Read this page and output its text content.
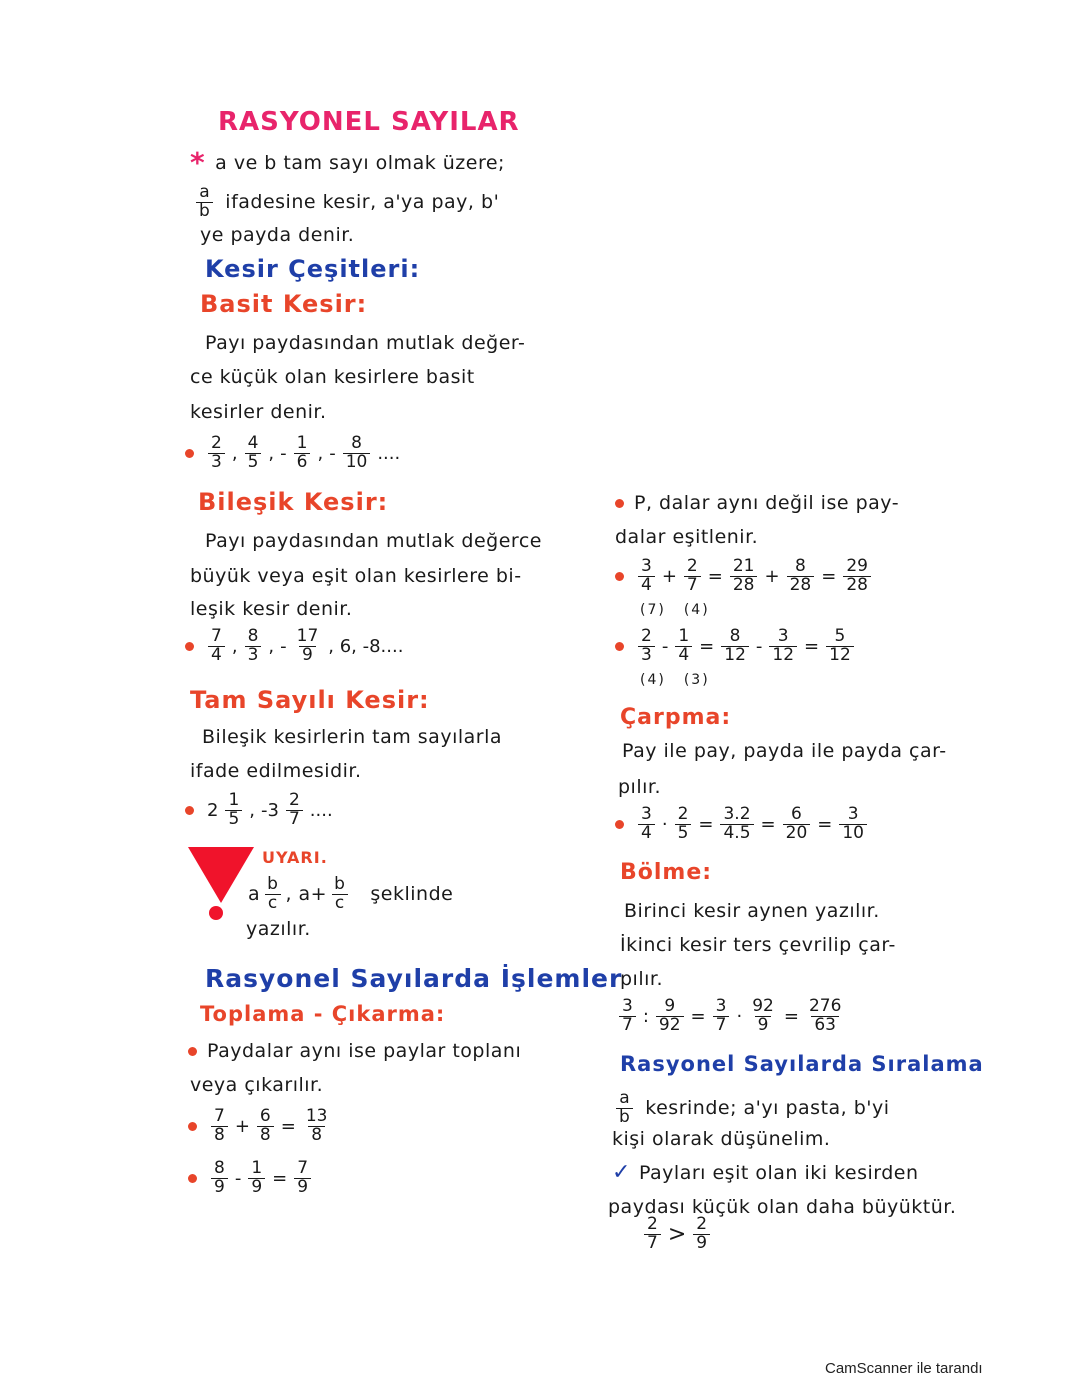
RASYONEL SAYILAR
* a ve b tam sayı olmak üzere;
$\frac{a}{b}$ ifadesine kesir, a'ya pay, b'
ye payda denir.
Kesir Çeşitleri:
Basit Kesir:
Payı paydasından mutlak değer-
ce küçük olan kesirlere basit
kesirler denir.
$\frac{2}{3}$ , $\frac{4}{5}$ , - $\frac{1}{6}$ , - $\frac{8}{10}$ ....
Bileşik Kesir:
Payı paydasından mutlak değerce
büyük veya eşit olan kesirlere bi-
leşik kesir denir.
$\frac{7}{4}$ , $\frac{8}{3}$ , - $\frac{17}{9}$ , 6, -8....
Tam Sayılı Kesir:
Bileşik kesirlerin tam sayılarla
ifade edilmesidir.
$2 \frac{1}{5}$ , $-3 \frac{2}{7}$ ....
UYARI.
a $\frac{b}{c}$ , $a+ \frac{b}{c}$ şeklinde
yazılır.
Rasyonel Sayılarda İşlemler
Toplama - Çıkarma:
Paydalar aynı ise paylar toplanı
veya çıkarılır.
$\frac{7}{8} + \frac{6}{8} = \frac{13}{8}$
$\frac{8}{9} - \frac{1}{9} = \frac{7}{9}$
P, dalar aynı değil ise pay-
dalar eşitlenir.
$\frac{3}{4} + \frac{2}{7} = \frac{21}{28} + \frac{8}{28} = \frac{29}{28}$
(7) (4)
$\frac{2}{3} - \frac{1}{4} = \frac{8}{12} - \frac{3}{12} = \frac{5}{12}$
(4) (3)
Çarpma:
Pay ile pay, payda ile payda çar-
pılır.
$\frac{3}{4} \cdot \frac{2}{5} = \frac{3.2}{4.5} = \frac{6}{20} = \frac{3}{10}$
Bölme:
Birinci kesir aynen yazılır.
İkinci kesir ters çevrilip çar-
pılır.
$\frac{3}{7}$ : $\frac{9}{92} = \frac{3}{7} \cdot \frac{92}{9} = \frac{276}{63}$
Rasyonel Sayılarda Sıralama
$\frac{a}{b}$ kesrinde; a'yı pasta, b'yi
kişi olarak düşünelim.
✓ Payları eşit olan iki kesirden
paydası küçük olan daha büyüktür.
$\frac{2}{7} > \frac{2}{9}$
CamScanner ile tarandı
